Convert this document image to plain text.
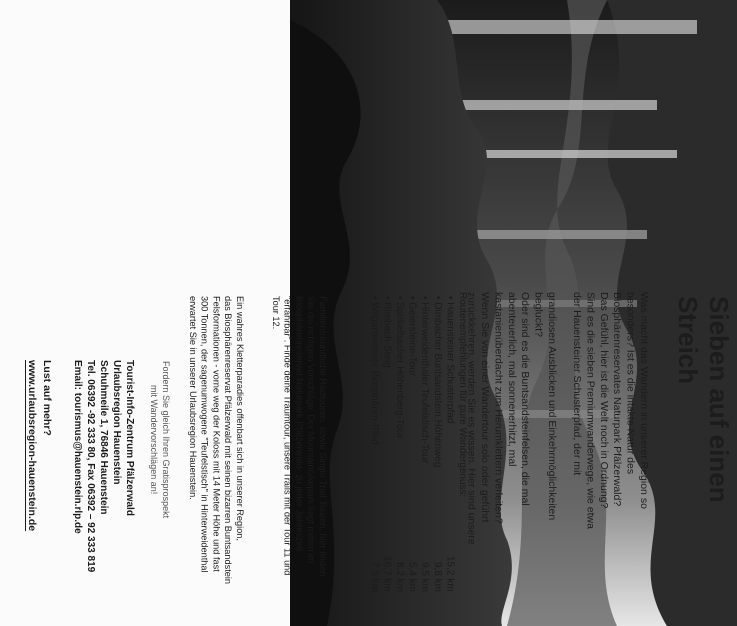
Sieben auf einen Streich
Was macht das Wandern in unserer Region so
besonders? Ist es die intakte Natur des
Biosphärenreservates Naturpark Pfälzerwald?
Das Gefühl, hier ist die Welt noch in Ordnung?
Sind es die sieben Premiumwanderwege, wie etwa
der Hauensteiner Schusterpfad, der mit
grandiosen Ausblicken und Einkehrmöglichkeiten
begluckt?
Oder sind es die Buntsandsteinfelsen, die mal
abenteuerlich, mal sonnenerhitzt, mal
kastanienüberdacht zum Herumklettern verleiten?
Wenn Sie von einer Wandertour solo oder geführt
zurückkehren, werden Sie es wissen. Hier sind unsere
Routenempfehlungen für pure Wandergenuss:
• Hauensteiner Schusterpfad
15,2 km
• Dimbacher Buntsandstein Höhenweg
9,8 km
• Hinterweidenthaler Teufelstisch-Tour
9,5 km
• Geiersteine-Tour
5,4 km
• Spirkelbacher Höhenberg-Tour
8,2 km
• Rimbach-Steig
16,7 km
• Wilgartswieser Biosphären-Pfad
7,5 km
Familienfreundliche Radtouren, sowie Single Trail Touren, hier finden
Sie die richtigen Vorschläge. Der Mountainbikepark liegt mitten im
Biosphärenreservat Naturpark Pfälzerwald- zu jeder Jahreszeit
"erfahrbar". Finde deine Traumtour, unsere Trails mit der Tour 11 und
Tour 12.
Ein wahres Kletterparadies offenbart sich in unserer Region,
das Biosphärenreservat Pfälzerwald mit seinen bizarren Buntsandstein
Felsformationen - vorne weg der Koloss mit 14 Meter Höhe und fast
300 Tonnen, der sagenumwogene "Teufelstisch" in Hinterweidenthal
erwartet Sie in unserer Urlaubsregion Hauenstein.
Fordern Sie gleich Ihren Gratisprospekt
mit Wandervorschlägen an!
Tourist-Info-Zentrum Pfälzerwald
Urlaubsregion Hauenstein
Schuhmeile 1, 76846 Hauenstein
Tel. 06392 -92 333 80, Fax 06392 – 92 333 819
Email: tourismus@hauenstein.rlp.de
Lust auf mehr?
www.urlaubsregion-hauenstein.de
